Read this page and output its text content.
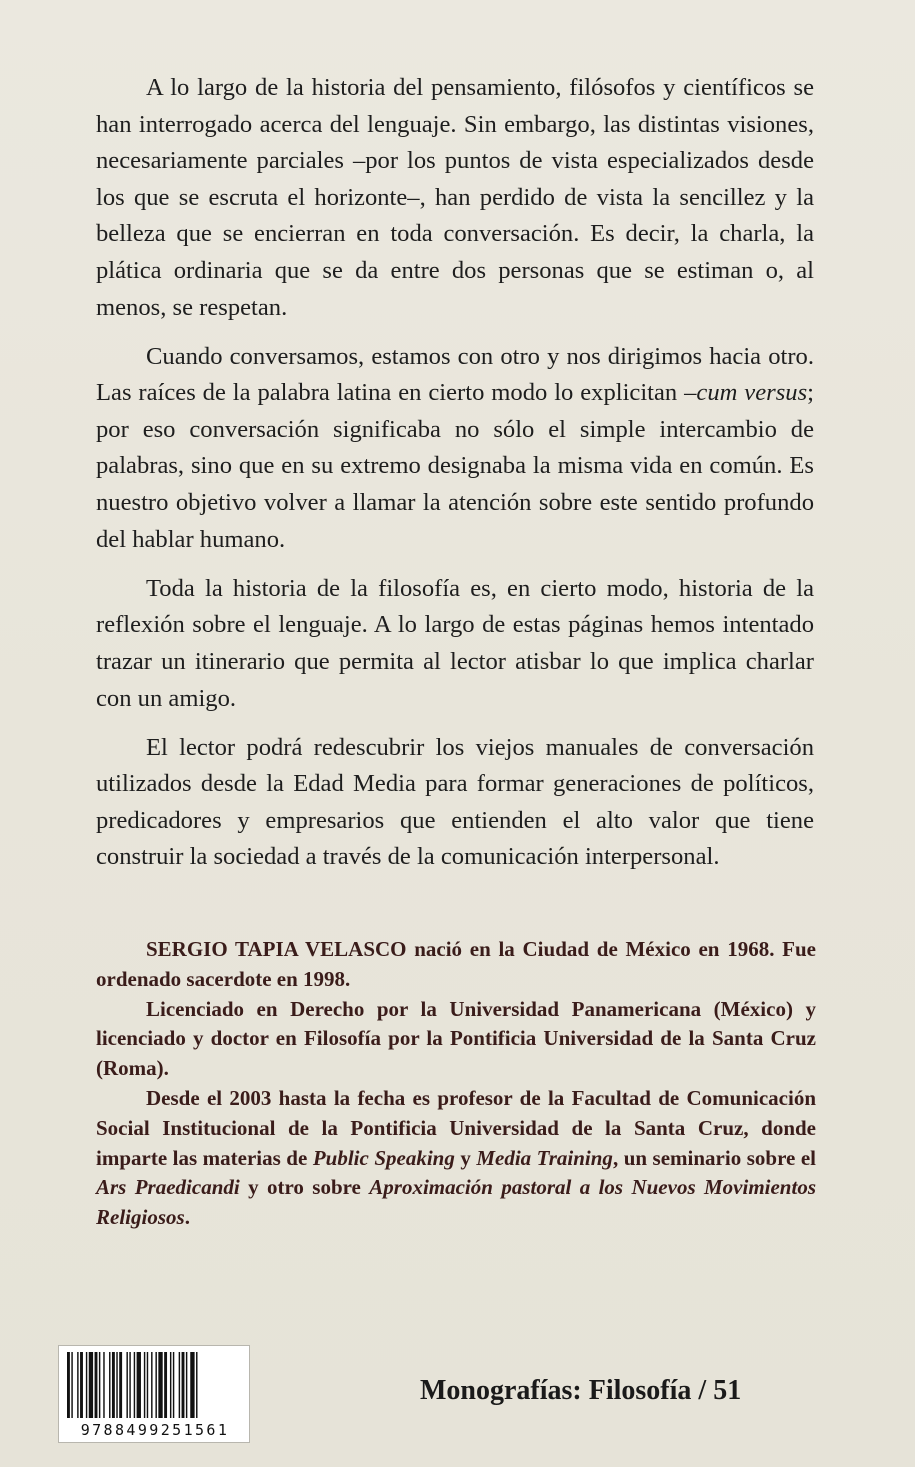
A lo largo de la historia del pensamiento, filósofos y científicos se han interrogado acerca del lenguaje. Sin embargo, las distintas visiones, necesariamente parciales –por los puntos de vista especializados desde los que se escruta el horizonte–, han perdido de vista la sencillez y la belleza que se encierran en toda conversación. Es decir, la charla, la plática ordinaria que se da entre dos personas que se estiman o, al menos, se respetan.

Cuando conversamos, estamos con otro y nos dirigimos hacia otro. Las raíces de la palabra latina en cierto modo lo explicitan –cum versus; por eso conversación significaba no sólo el simple intercambio de palabras, sino que en su extremo designaba la misma vida en común. Es nuestro objetivo volver a llamar la atención sobre este sentido profundo del hablar humano.

Toda la historia de la filosofía es, en cierto modo, historia de la reflexión sobre el lenguaje. A lo largo de estas páginas hemos intentado trazar un itinerario que permita al lector atisbar lo que implica charlar con un amigo.

El lector podrá redescubrir los viejos manuales de conversación utilizados desde la Edad Media para formar generaciones de políticos, predicadores y empresarios que entienden el alto valor que tiene construir la sociedad a través de la comunicación interpersonal.

SERGIO TAPIA VELASCO nació en la Ciudad de México en 1968. Fue ordenado sacerdote en 1998.

Licenciado en Derecho por la Universidad Panamericana (México) y licenciado y doctor en Filosofía por la Pontificia Universidad de la Santa Cruz (Roma).

Desde el 2003 hasta la fecha es profesor de la Facultad de Comunicación Social Institucional de la Pontificia Universidad de la Santa Cruz, donde imparte las materias de Public Speaking y Media Training, un seminario sobre el Ars Praedicandi y otro sobre Aproximación pastoral a los Nuevos Movimientos Religiosos.

9788499251561
Monografías: Filosofía / 51
